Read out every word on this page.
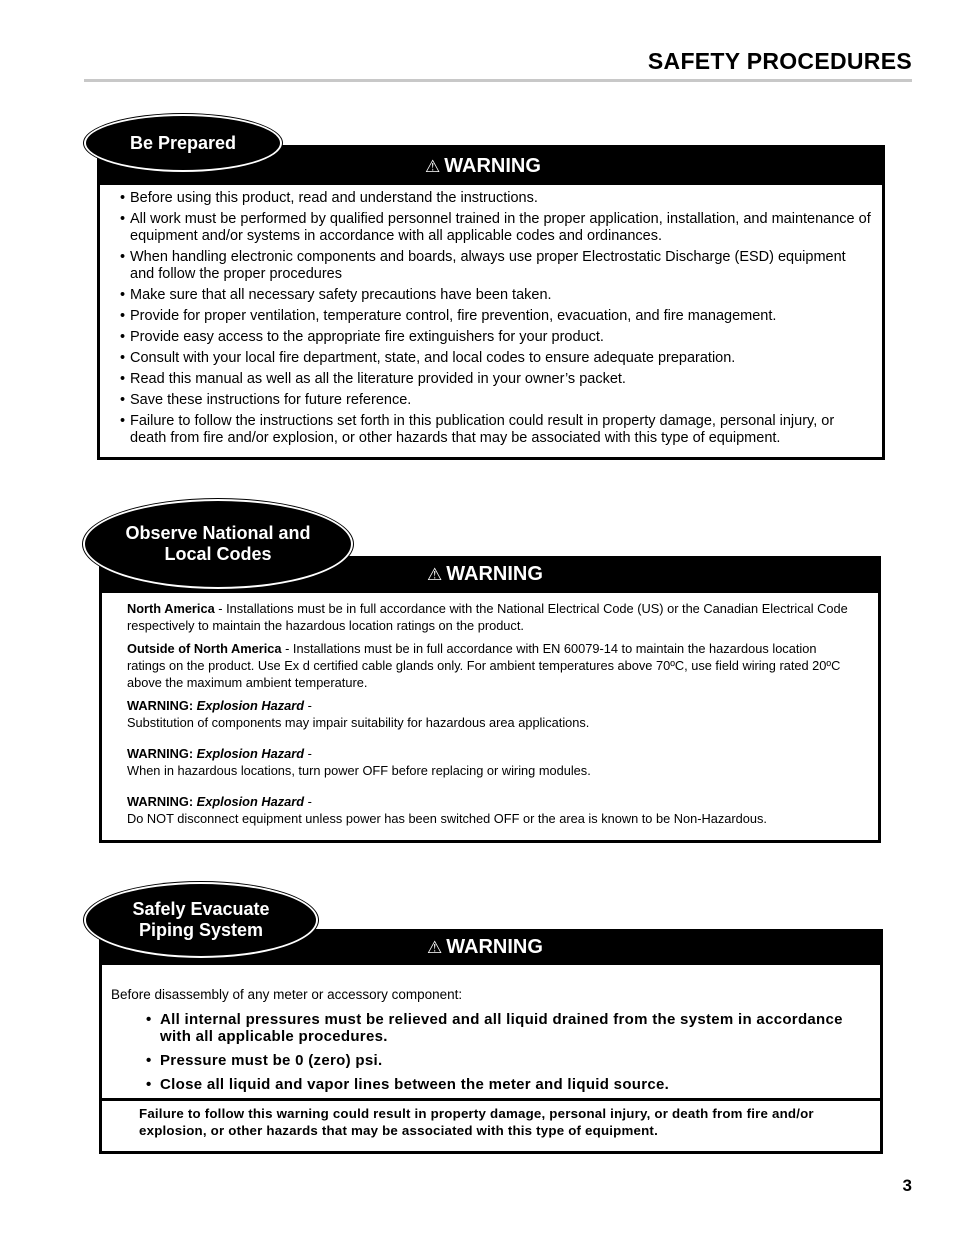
SAFETY PROCEDURES
⚠ WARNING
• Before using this product, read and understand the instructions.
• All work must be performed by qualified personnel trained in the proper application, installation, and maintenance of equipment and/or systems in accordance with all applicable codes and ordinances.
• When handling electronic components and boards, always use proper Electrostatic Discharge (ESD) equipment and follow the proper procedures
• Make sure that all necessary safety precautions have been taken.
• Provide for proper ventilation, temperature control, fire prevention, evacuation, and fire management.
• Provide easy access to the appropriate fire extinguishers for your product.
• Consult with your local fire department, state, and local codes to ensure adequate preparation.
• Read this manual as well as all the literature provided in your owner’s packet.
• Save these instructions for future reference.
• Failure to follow the instructions set forth in this publication could result in property damage, personal injury, or death from fire and/or explosion, or other hazards that may be associated with this type of equipment.
Be Prepared
⚠ WARNING

North America - Installations must be in full accordance with the National Electrical Code (US) or the Canadian Electrical Code respectively to maintain the hazardous location ratings on the product.

Outside of North America - Installations must be in full accordance with EN 60079-14 to maintain the hazardous location ratings on the product. Use Ex d certified cable glands only. For ambient temperatures above 70ºC, use field wiring rated 20ºC above the maximum ambient temperature.

WARNING: Explosion Hazard -

Substitution of components may impair suitability for hazardous area applications.

WARNING: Explosion Hazard -

When in hazardous locations, turn power OFF before replacing or wiring modules.

WARNING: Explosion Hazard -

Do NOT disconnect equipment unless power has been switched OFF or the area is known to be Non-Hazardous.

Observe National and
Local Codes
⚠ WARNING

Before disassembly of any meter or accessory component:

• All internal pressures must be relieved and all liquid drained from the system in accordance with all applicable procedures.
• Pressure must be 0 (zero) psi.
• Close all liquid and vapor lines between the meter and liquid source.

Failure to follow this warning could result in property damage, personal injury, or death from fire and/or explosion, or other hazards that may be associated with this type of equipment.

Safely Evacuate
Piping System
3
